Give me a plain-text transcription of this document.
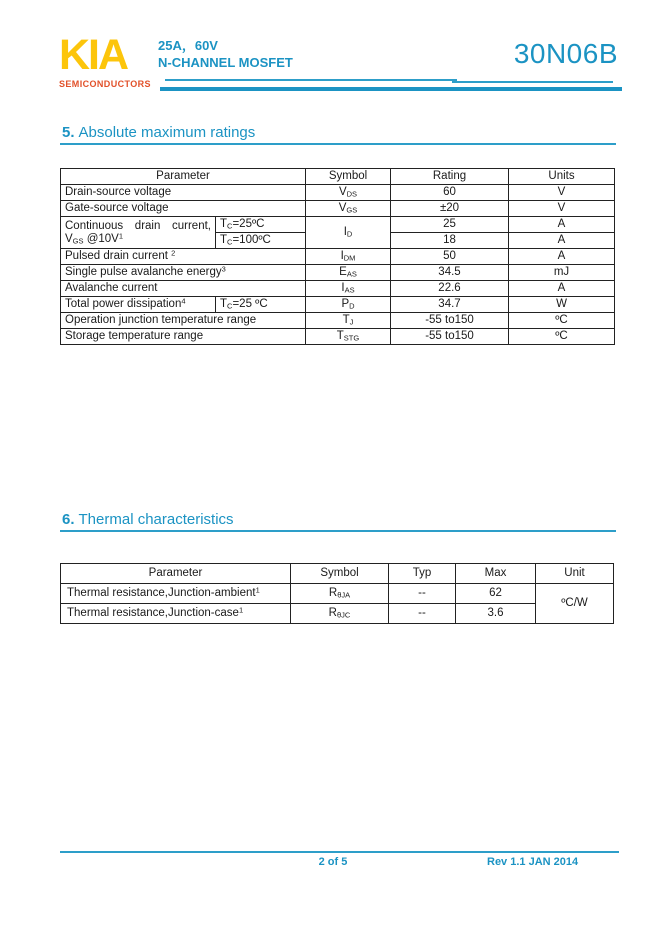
KIA
SEMICONDUCTORS
25A，60V
N-CHANNEL MOSFET	30N06B
5. Absolute maximum ratings
Parameter		Symbol	Rating	Units
Drain-source voltage		$V_{DS}$	60	V
Gate-source voltage		$V_{GS}$	±20	V

Continuous drain current,
$V_{GS}$ $@10V^1$	$T_C=25ºC$	$I_D$	25	A
	$T_C=100ºC$		18	A
Pulsed drain current $^2$		$I_{DM}$	50	A
Single pulse avalanche energy$^3$		$E_{AS}$	34.5	mJ
Avalanche current		$I_{AS}$	22.6	A
Total power dissipation$^4$	$T_C=25$ ºC	$P_D$	34.7	W
Operation junction temperature range		$T_J$	-55 to150	ºC
Storage temperature range		$T_{STG}$	-55 to150	ºC
6. Thermal characteristics
Parameter	Symbol	Typ	Max	Unit
Thermal resistance,Junction-ambient$^1$	$R_{\theta JA}$	--	62	ºC/W
Thermal resistance,Junction-case$^1$	$R_{\theta JC}$	--	3.6	
2 of 5	Rev 1.1 JAN 2014
